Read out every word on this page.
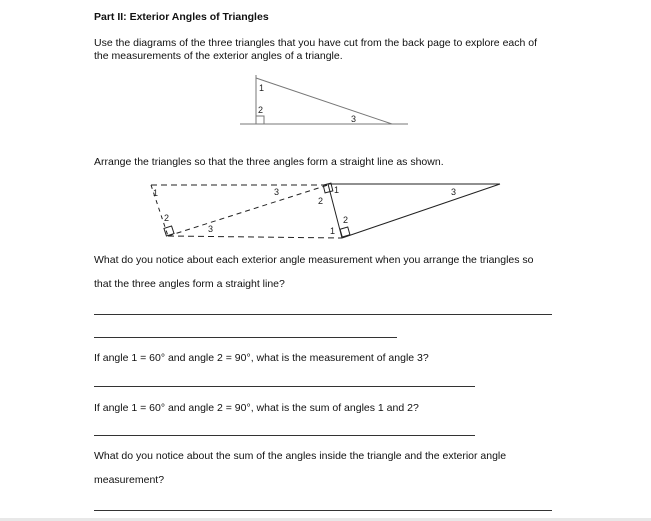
Part II: Exterior Angles of Triangles
Use the diagrams of the three triangles that you have cut from the back page to explore each of
the measurements of the exterior angles of a triangle.
1
2
3
Arrange the triangles so that the three angles form a straight line as shown.
1
2
3
3
2
1
1
2
3
What do you notice about each exterior angle measurement when you arrange the triangles so
that the three angles form a straight line?
If angle 1 = 60° and angle 2 = 90°, what is the measurement of angle 3?
If angle 1 = 60° and angle 2 = 90°, what is the sum of angles 1 and 2?
What do you notice about the sum of the angles inside the triangle and the exterior angle
measurement?
